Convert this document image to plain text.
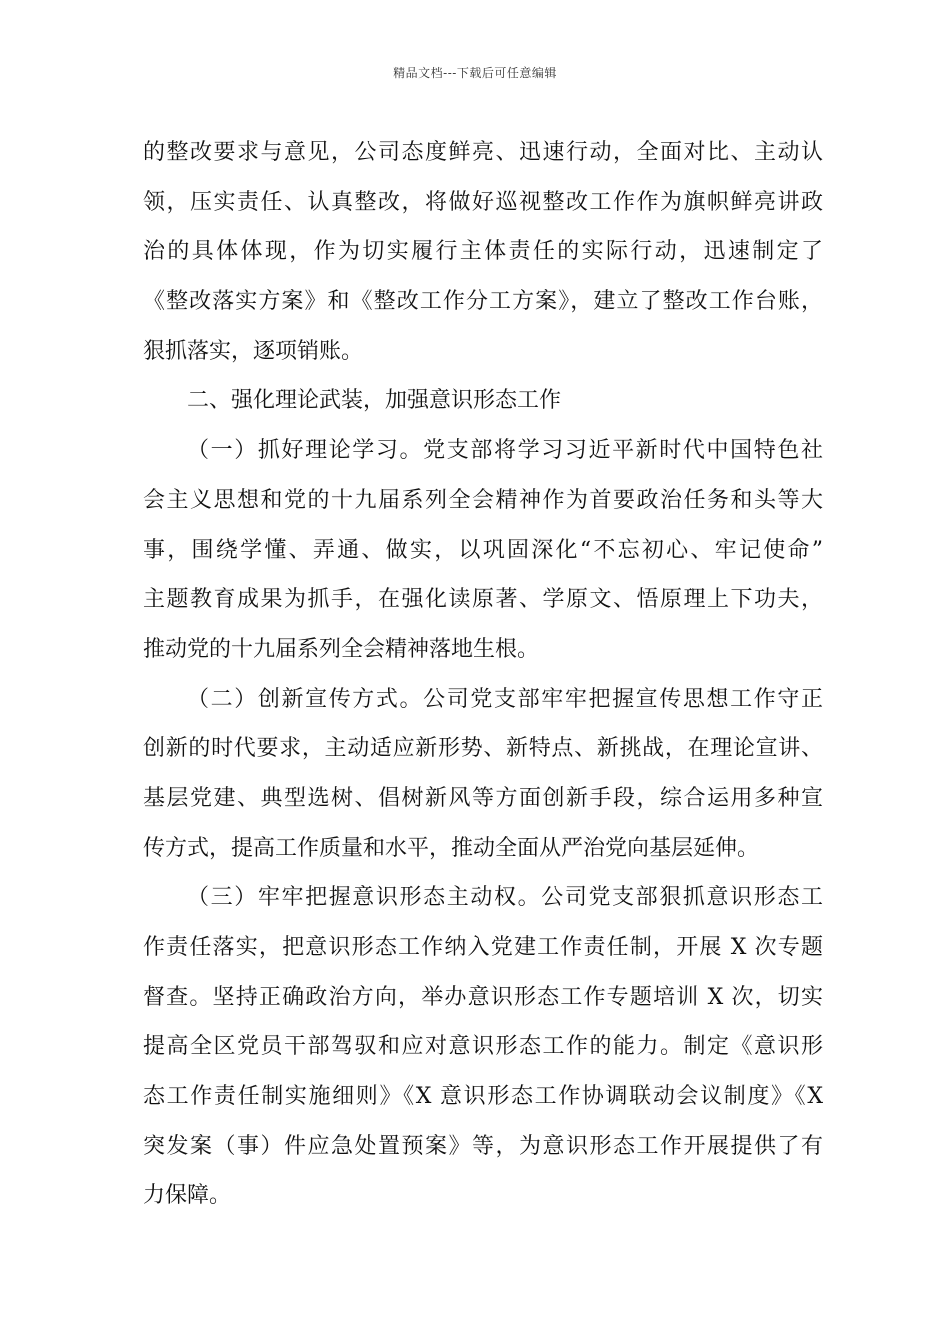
精品文档---下载后可任意编辑
的整改要求与意见，公司态度鲜亮、迅速行动，全面对比、主动认
领，压实责任、认真整改，将做好巡视整改工作作为旗帜鲜亮讲政
治的具体体现，作为切实履行主体责任的实际行动，迅速制定了
《整改落实方案》和《整改工作分工方案》，建立了整改工作台账，
狠抓落实，逐项销账。
二、强化理论武装，加强意识形态工作
（一）抓好理论学习。党支部将学习习近平新时代中国特色社
会主义思想和党的十九届系列全会精神作为首要政治任务和头等大
事，围绕学懂、弄通、做实，以巩固深化“不忘初心、牢记使命”
主题教育成果为抓手，在强化读原著、学原文、悟原理上下功夫，
推动党的十九届系列全会精神落地生根。
（二）创新宣传方式。公司党支部牢牢把握宣传思想工作守正
创新的时代要求，主动适应新形势、新特点、新挑战，在理论宣讲、
基层党建、典型选树、倡树新风等方面创新手段，综合运用多种宣
传方式，提高工作质量和水平，推动全面从严治党向基层延伸。
（三）牢牢把握意识形态主动权。公司党支部狠抓意识形态工
作责任落实，把意识形态工作纳入党建工作责任制，开展 X 次专题
督查。坚持正确政治方向，举办意识形态工作专题培训 X 次，切实
提高全区党员干部驾驭和应对意识形态工作的能力。制定《意识形
态工作责任制实施细则》《X 意识形态工作协调联动会议制度》《X
突发案（事）件应急处置预案》等，为意识形态工作开展提供了有
力保障。
